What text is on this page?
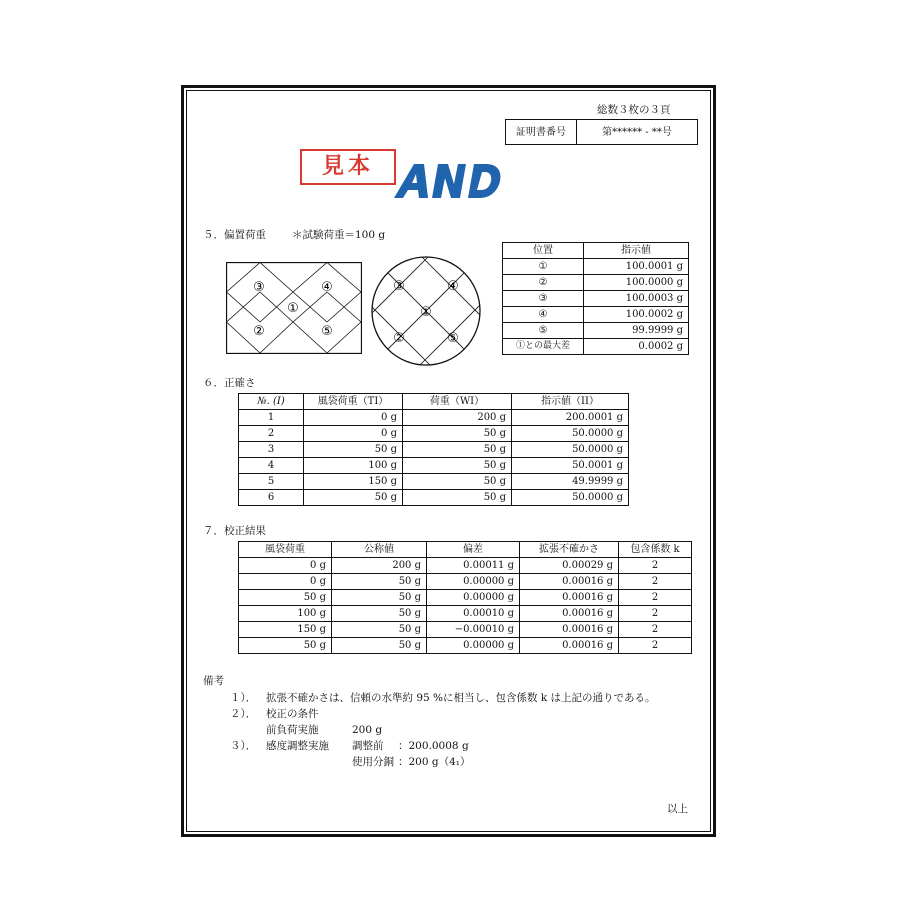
総数３枚の３頁
証明書番号	第****** - **号
見本
５．偏置荷重 ＊試験荷重＝100 g
③	④
①
②	⑤
③	④
①
②	⑤
位置	指示値
①	100.0001 g
②	100.0000 g
③	100.0003 g
④	100.0002 g
⑤	99.9999 g
①との最大差	0.0002 g
６．正確さ
№. (I)	風袋荷重（TI）	荷重（WI）	指示値（II）
1	0 g	200 g	200.0001 g
2	0 g	50 g	50.0000 g
3	50 g	50 g	50.0000 g
4	100 g	50 g	50.0001 g
5	150 g	50 g	49.9999 g
6	50 g	50 g	50.0000 g
７．校正結果
風袋荷重	公称値	偏差	拡張不確かさ	包含係数 k
0 g	200 g	0.00011 g	0.00029 g	2
0 g	50 g	0.00000 g	0.00016 g	2
50 g	50 g	0.00000 g	0.00016 g	2
100 g	50 g	0.00010 g	0.00016 g	2
150 g	50 g	−0.00010 g	0.00016 g	2
50 g	50 g	0.00000 g	0.00016 g	2
備考
１）． 拡張不確かさは、信頼の水準約 95 %に相当し、包含係数 k は上記の通りである。
２）． 校正の条件
前負荷実施	200 g
３）． 感度調整実施 調整前 ：200.0008 g
使用分銅 ：200 g（4₁）
以上
